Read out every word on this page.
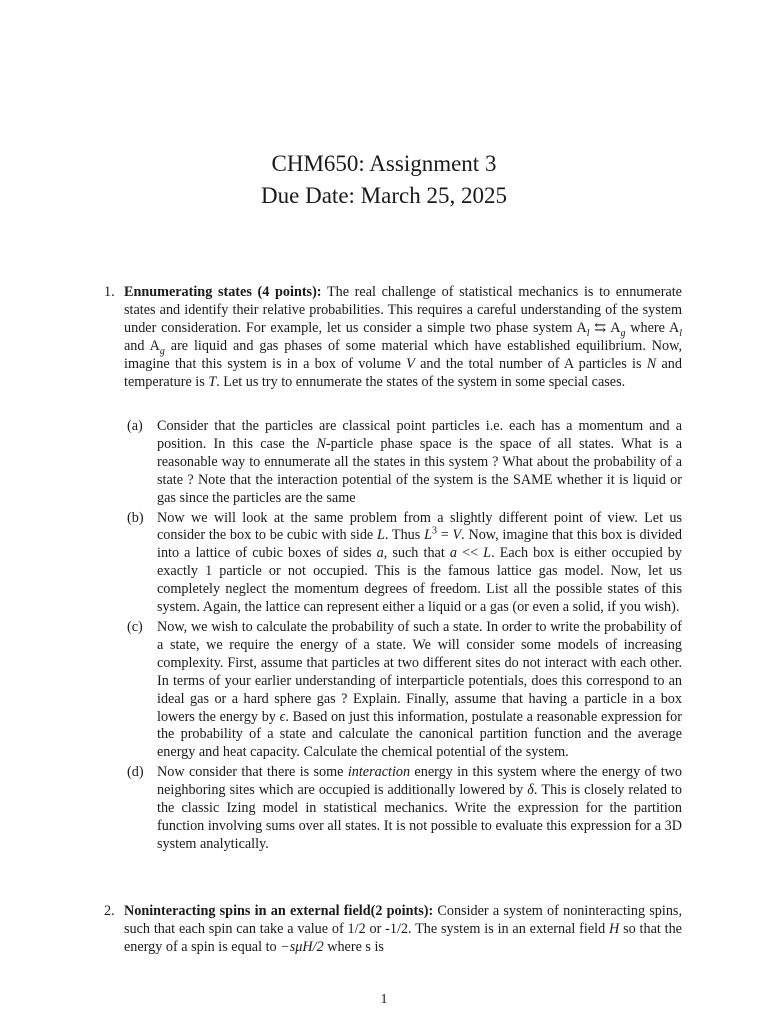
CHM650: Assignment 3
Due Date: March 25, 2025
1. Ennumerating states (4 points): The real challenge of statistical mechanics is to ennumerate states and identify their relative probabilities. This requires a careful understanding of the system under consideration. For example, let us consider a simple two phase system $A_l$ ⇆ $A_g$ where $A_l$ and $A_g$ are liquid and gas phases of some material which have established equilibrium. Now, imagine that this system is in a box of volume V and the total number of A particles is N and temperature is T. Let us try to ennumerate the states of the system in some special cases.
(a)	Consider that the particles are classical point particles i.e. each has a momentum and a position. In this case the N-particle phase space is the space of all states. What is a reasonable way to ennumerate all the states in this system ? What about the probability of a state ? Note that the interaction potential of the system is the SAME whether it is liquid or gas since the particles are the same
(b) Now we will look at the same problem from a slightly different point of view. Let us consider the box to be cubic with side L. Thus $L^3 = V$. Now, imagine that this box is divided into a lattice of cubic boxes of sides a, such that a << L. Each box is either occupied by exactly 1 particle or not occupied. This is the famous lattice gas model. Now, let us completely neglect the momentum degrees of freedom. List all the possible states of this system. Again, the lattice can represent either a liquid or a gas (or even a solid, if you wish).
(c)	Now, we wish to calculate the probability of such a state. In order to write the probability of a state, we require the energy of a state. We will consider some models of increasing complexity. First, assume that particles at two different sites do not interact with each other. In terms of your earlier understanding of interparticle potentials, does this correspond to an ideal gas or a hard sphere gas ? Explain. Finally, assume that having a particle in a box lowers the energy by ϵ. Based on just this information, postulate a reasonable expression for the probability of a state and calculate the canonical partition function and the average energy and heat capacity. Calculate the chemical potential of the system.
(d) Now consider that there is some interaction energy in this system where the energy of two neighboring sites which are occupied is additionally lowered by δ. This is closely related to the classic Izing model in statistical mechanics. Write the expression for the partition function involving sums over all states. It is not possible to evaluate this expression for a 3D system analytically.
2. Noninteracting spins in an external field(2 points): Consider a system of noninteracting spins, such that each spin can take a value of 1/2 or -1/2. The system is in an external field H so that the energy of a spin is equal to −sμH/2 where s is
1
